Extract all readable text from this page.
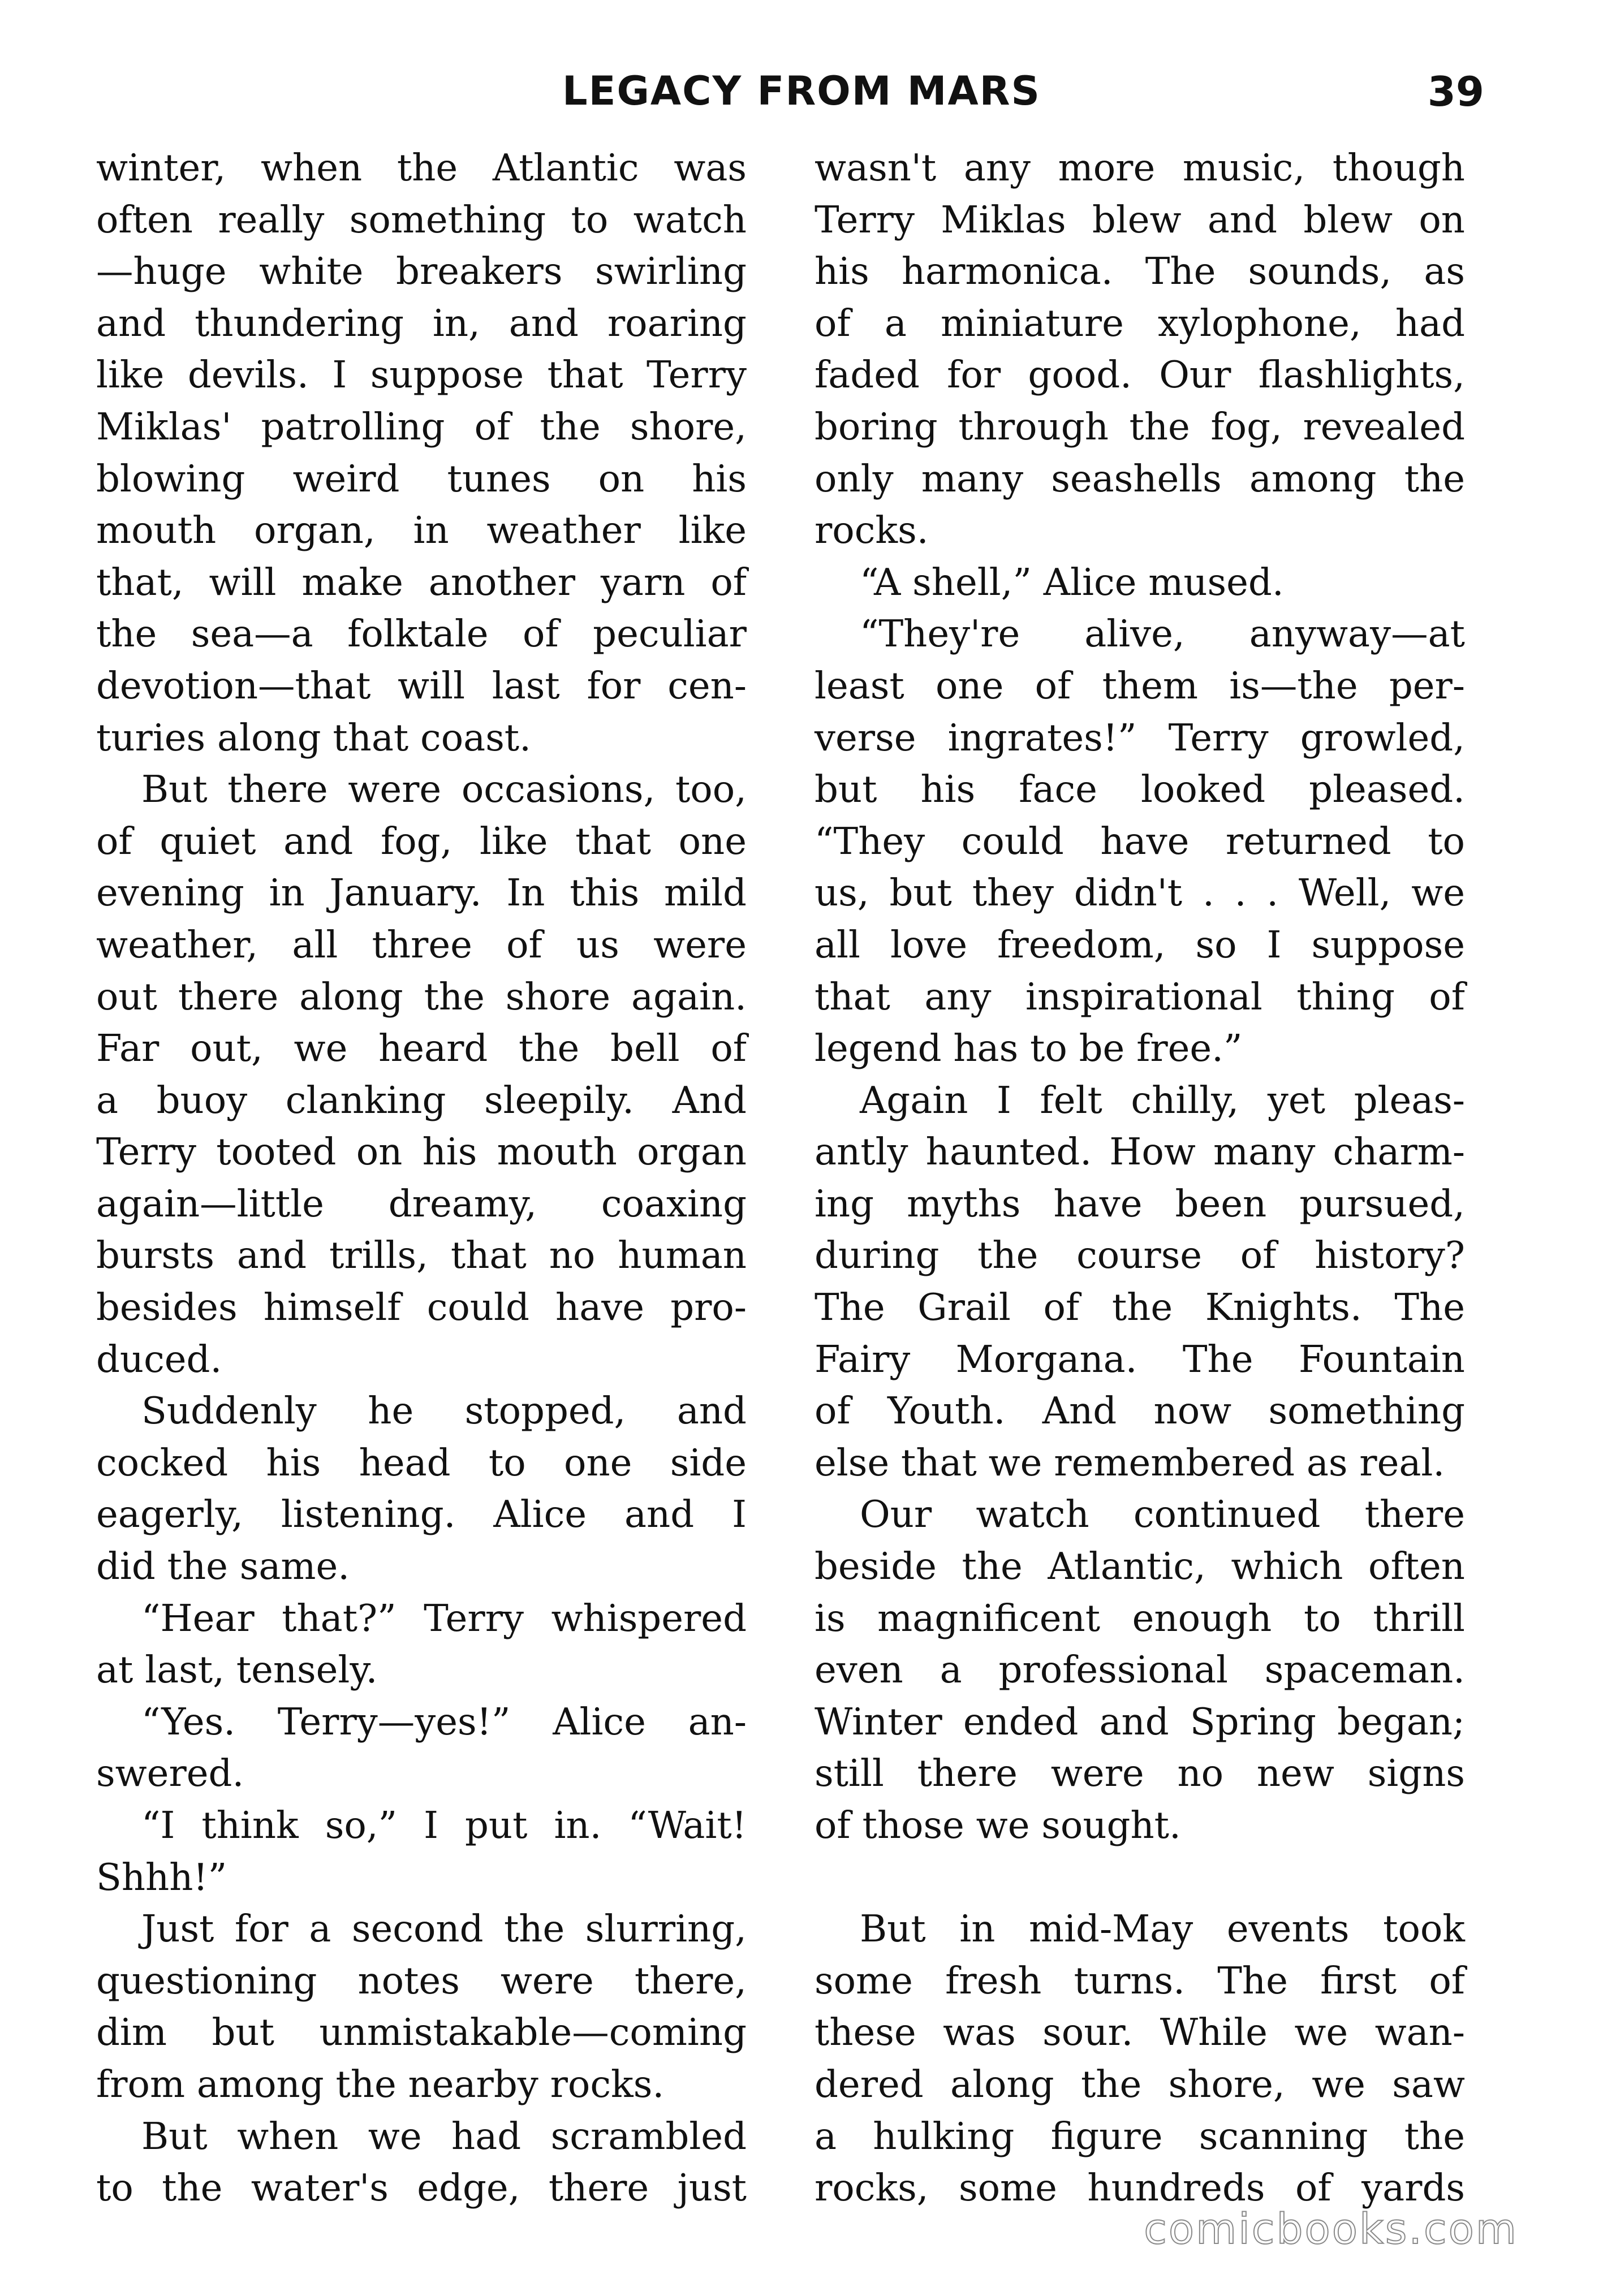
LEGACY FROM MARS	39

winter, when the Atlantic was

often really something to watch

—huge white breakers swirling

and thundering in, and roaring

like devils. I suppose that Terry

Miklas' patrolling of the shore,

blowing weird tunes on his

mouth organ, in weather like

that, will make another yarn of

the sea—a folktale of peculiar

devotion—that will last for cen-

turies along that coast.

But there were occasions, too,

of quiet and fog, like that one

evening in January. In this mild

weather, all three of us were

out there along the shore again.

Far out, we heard the bell of

a buoy clanking sleepily. And

Terry tooted on his mouth organ

again—little dreamy, coaxing

bursts and trills, that no human

besides himself could have pro-

duced.

Suddenly he stopped, and

cocked his head to one side

eagerly, listening. Alice and I

did the same.

“Hear that?” Terry whispered

at last, tensely.

“Yes. Terry—yes!” Alice an-

swered.

“I think so,” I put in. “Wait!

Shhh!”

Just for a second the slurring,

questioning notes were there,

dim but unmistakable—coming

from among the nearby rocks.

But when we had scrambled

to the water's edge, there just

wasn't any more music, though

Terry Miklas blew and blew on

his harmonica. The sounds, as

of a miniature xylophone, had

faded for good. Our flashlights,

boring through the fog, revealed

only many seashells among the

rocks.

“A shell,” Alice mused.

“They're alive, anyway—at

least one of them is—the per-

verse ingrates!” Terry growled,

but his face looked pleased.

“They could have returned to

us, but they didn't . . . Well, we

all love freedom, so I suppose

that any inspirational thing of

legend has to be free.”

Again I felt chilly, yet pleas-

antly haunted. How many charm-

ing myths have been pursued,

during the course of history?

The Grail of the Knights. The

Fairy Morgana. The Fountain

of Youth. And now something

else that we remembered as real.

Our watch continued there

beside the Atlantic, which often

is magnificent enough to thrill

even a professional spaceman.

Winter ended and Spring began;

still there were no new signs

of those we sought.

But in mid-May events took

some fresh turns. The first of

these was sour. While we wan-

dered along the shore, we saw

a hulking figure scanning the

rocks, some hundreds of yards

comicbooks.com
